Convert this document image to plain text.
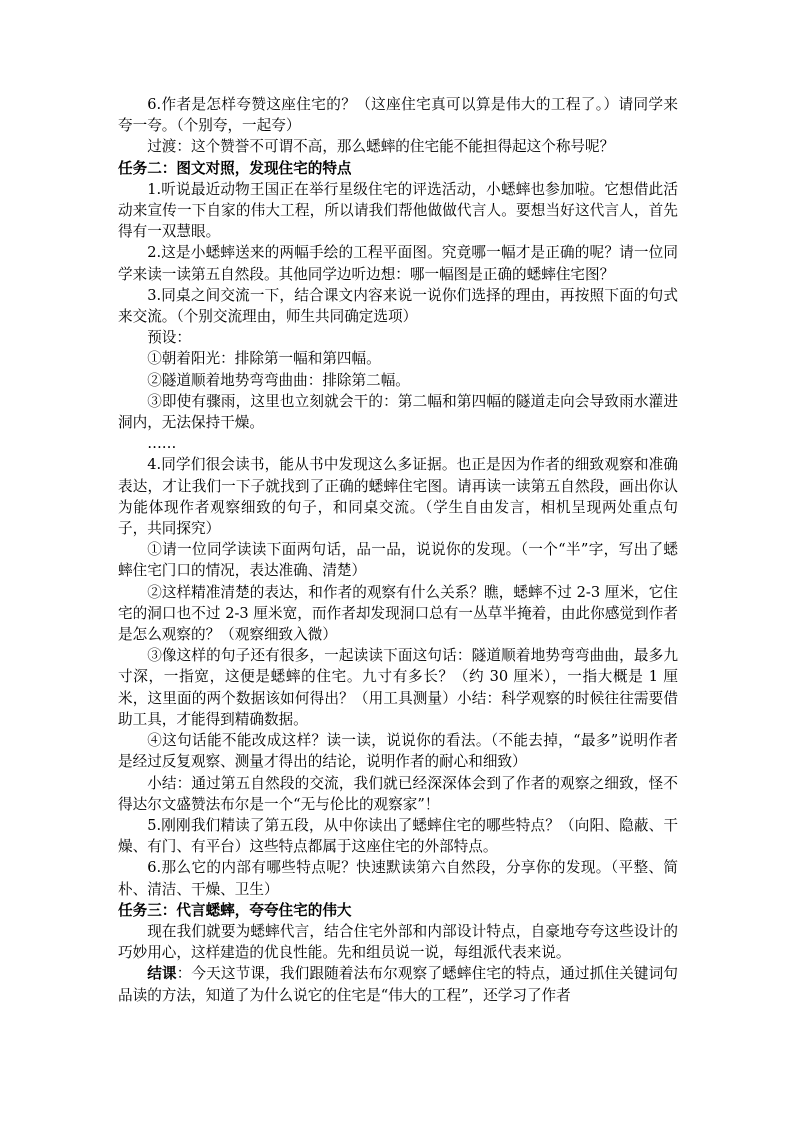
6.作者是怎样夸赞这座住宅的？（这座住宅真可以算是伟大的工程了。）请同学来夸一夸。（个别夸，一起夸）

过渡：这个赞誉不可谓不高，那么蟋蟀的住宅能不能担得起这个称号呢？

任务二：图文对照，发现住宅的特点

1.听说最近动物王国正在举行星级住宅的评选活动，小蟋蟀也参加啦。它想借此活动来宣传一下自家的伟大工程，所以请我们帮他做做代言人。要想当好这代言人，首先得有一双慧眼。

2.这是小蟋蟀送来的两幅手绘的工程平面图。究竟哪一幅才是正确的呢？请一位同学来读一读第五自然段。其他同学边听边想：哪一幅图是正确的蟋蟀住宅图？

3.同桌之间交流一下，结合课文内容来说一说你们选择的理由，再按照下面的句式来交流。（个别交流理由，师生共同确定选项）

预设：

①朝着阳光：排除第一幅和第四幅。

②隧道顺着地势弯弯曲曲：排除第二幅。

③即使有骤雨，这里也立刻就会干的：第二幅和第四幅的隧道走向会导致雨水灌进洞内，无法保持干燥。

……

4.同学们很会读书，能从书中发现这么多证据。也正是因为作者的细致观察和准确表达，才让我们一下子就找到了正确的蟋蟀住宅图。请再读一读第五自然段，画出你认为能体现作者观察细致的句子，和同桌交流。（学生自由发言，相机呈现两处重点句子，共同探究）

①请一位同学读读下面两句话，品一品，说说你的发现。（一个“半”字，写出了蟋蟀住宅门口的情况，表达准确、清楚）

②这样精准清楚的表达，和作者的观察有什么关系？瞧，蟋蟀不过 2-3 厘米，它住宅的洞口也不过 2-3 厘米宽，而作者却发现洞口总有一丛草半掩着，由此你感觉到作者是怎么观察的？（观察细致入微）

③像这样的句子还有很多，一起读读下面这句话：隧道顺着地势弯弯曲曲，最多九寸深，一指宽，这便是蟋蟀的住宅。九寸有多长？（约 30 厘米），一指大概是 1 厘米，这里面的两个数据该如何得出？（用工具测量）小结：科学观察的时候往往需要借助工具，才能得到精确数据。

④这句话能不能改成这样？读一读，说说你的看法。（不能去掉，“最多”说明作者是经过反复观察、测量才得出的结论，说明作者的耐心和细致）

小结：通过第五自然段的交流，我们就已经深深体会到了作者的观察之细致，怪不得达尔文盛赞法布尔是一个“无与伦比的观察家”！

5.刚刚我们精读了第五段，从中你读出了蟋蟀住宅的哪些特点？（向阳、隐蔽、干燥、有门、有平台）这些特点都属于这座住宅的外部特点。

6.那么它的内部有哪些特点呢？快速默读第六自然段，分享你的发现。（平整、简朴、清洁、干燥、卫生）

任务三：代言蟋蟀，夸夸住宅的伟大

现在我们就要为蟋蟀代言，结合住宅外部和内部设计特点，自豪地夸夸这些设计的巧妙用心，这样建造的优良性能。先和组员说一说，每组派代表来说。

结课：今天这节课，我们跟随着法布尔观察了蟋蟀住宅的特点，通过抓住关键词句品读的方法，知道了为什么说它的住宅是“伟大的工程”，还学习了作者
